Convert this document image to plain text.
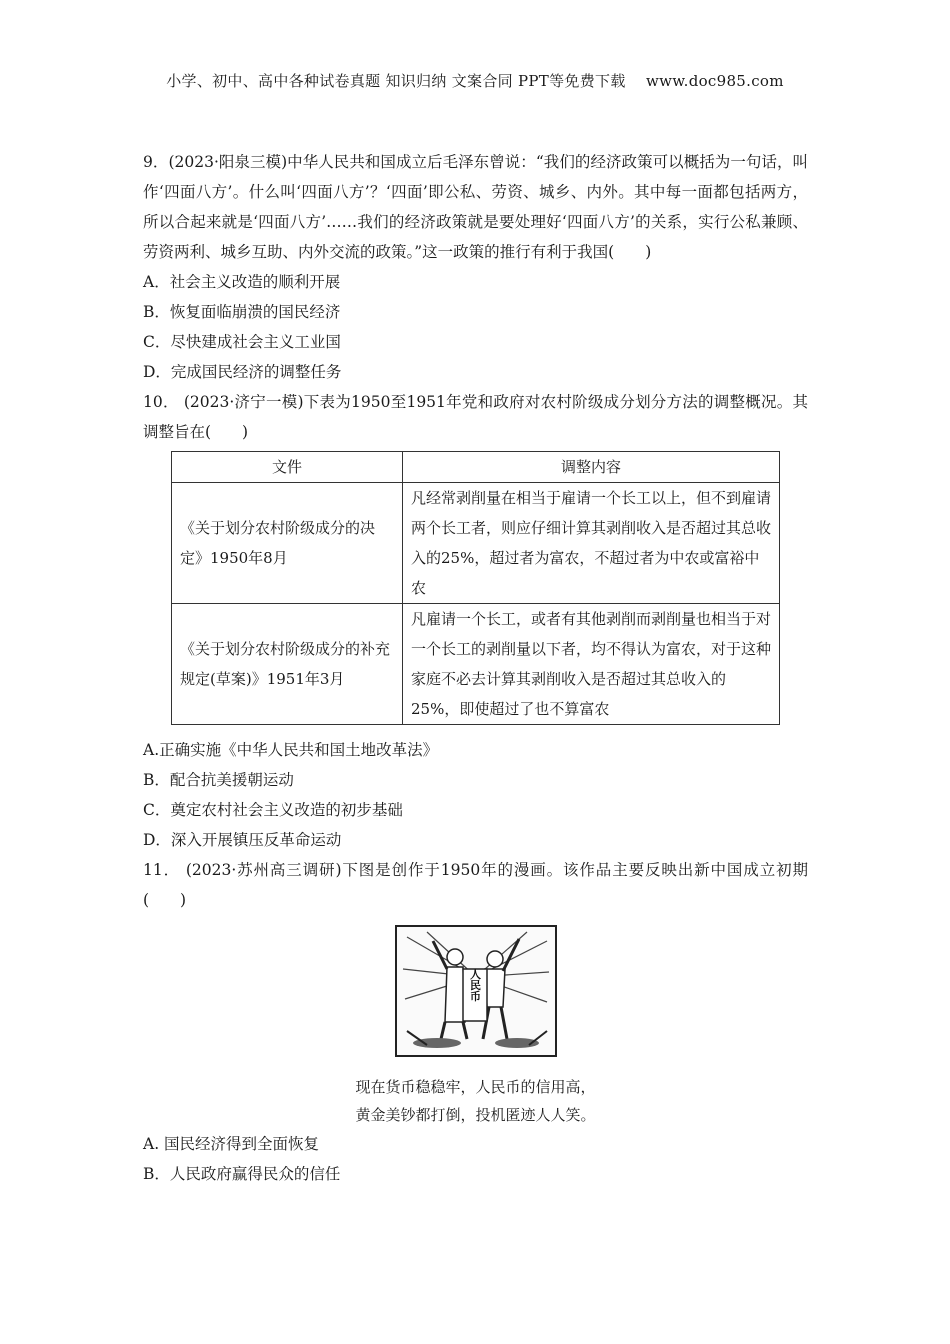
小学、初中、高中各种试卷真题 知识归纳 文案合同 PPT等免费下载　 www.doc985.com

9．(2023·阳泉三模)中华人民共和国成立后毛泽东曾说：“我们的经济政策可以概括为一句话，叫作‘四面八方’。什么叫‘四面八方’？‘四面’即公私、劳资、城乡、内外。其中每一面都包括两方，所以合起来就是‘四面八方’……我们的经济政策就是要处理好‘四面八方’的关系，实行公私兼顾、劳资两利、城乡互助、内外交流的政策。”这一政策的推行有利于我国(　　)

A．社会主义改造的顺利开展

B．恢复面临崩溃的国民经济

C．尽快建成社会主义工业国

D．完成国民经济的调整任务

10． (2023·济宁一模)下表为1950至1951年党和政府对农村阶级成分划分方法的调整概况。其调整旨在(　　)

文件	调整内容
《关于划分农村阶级成分的决定》1950年8月	凡经常剥削量在相当于雇请一个长工以上，但不到雇请两个长工者，则应仔细计算其剥削收入是否超过其总收入的25%，超过者为富农，不超过者为中农或富裕中农
《关于划分农村阶级成分的补充规定(草案)》1951年3月	凡雇请一个长工，或者有其他剥削而剥削量也相当于对一个长工的剥削量以下者，均不得认为富农，对于这种家庭不必去计算其剥削收入是否超过其总收入的25%，即使超过了也不算富农

A.正确实施《中华人民共和国土地改革法》

B．配合抗美援朝运动

C．奠定农村社会主义改造的初步基础

D．深入开展镇压反革命运动

11． (2023·苏州高三调研)下图是创作于1950年的漫画。该作品主要反映出新中国成立初期(　　)

人民币
现在货币稳稳牢，人民币的信用高，
黄金美钞都打倒，投机匿迹人人笑。

A. 国民经济得到全面恢复

B．人民政府赢得民众的信任
